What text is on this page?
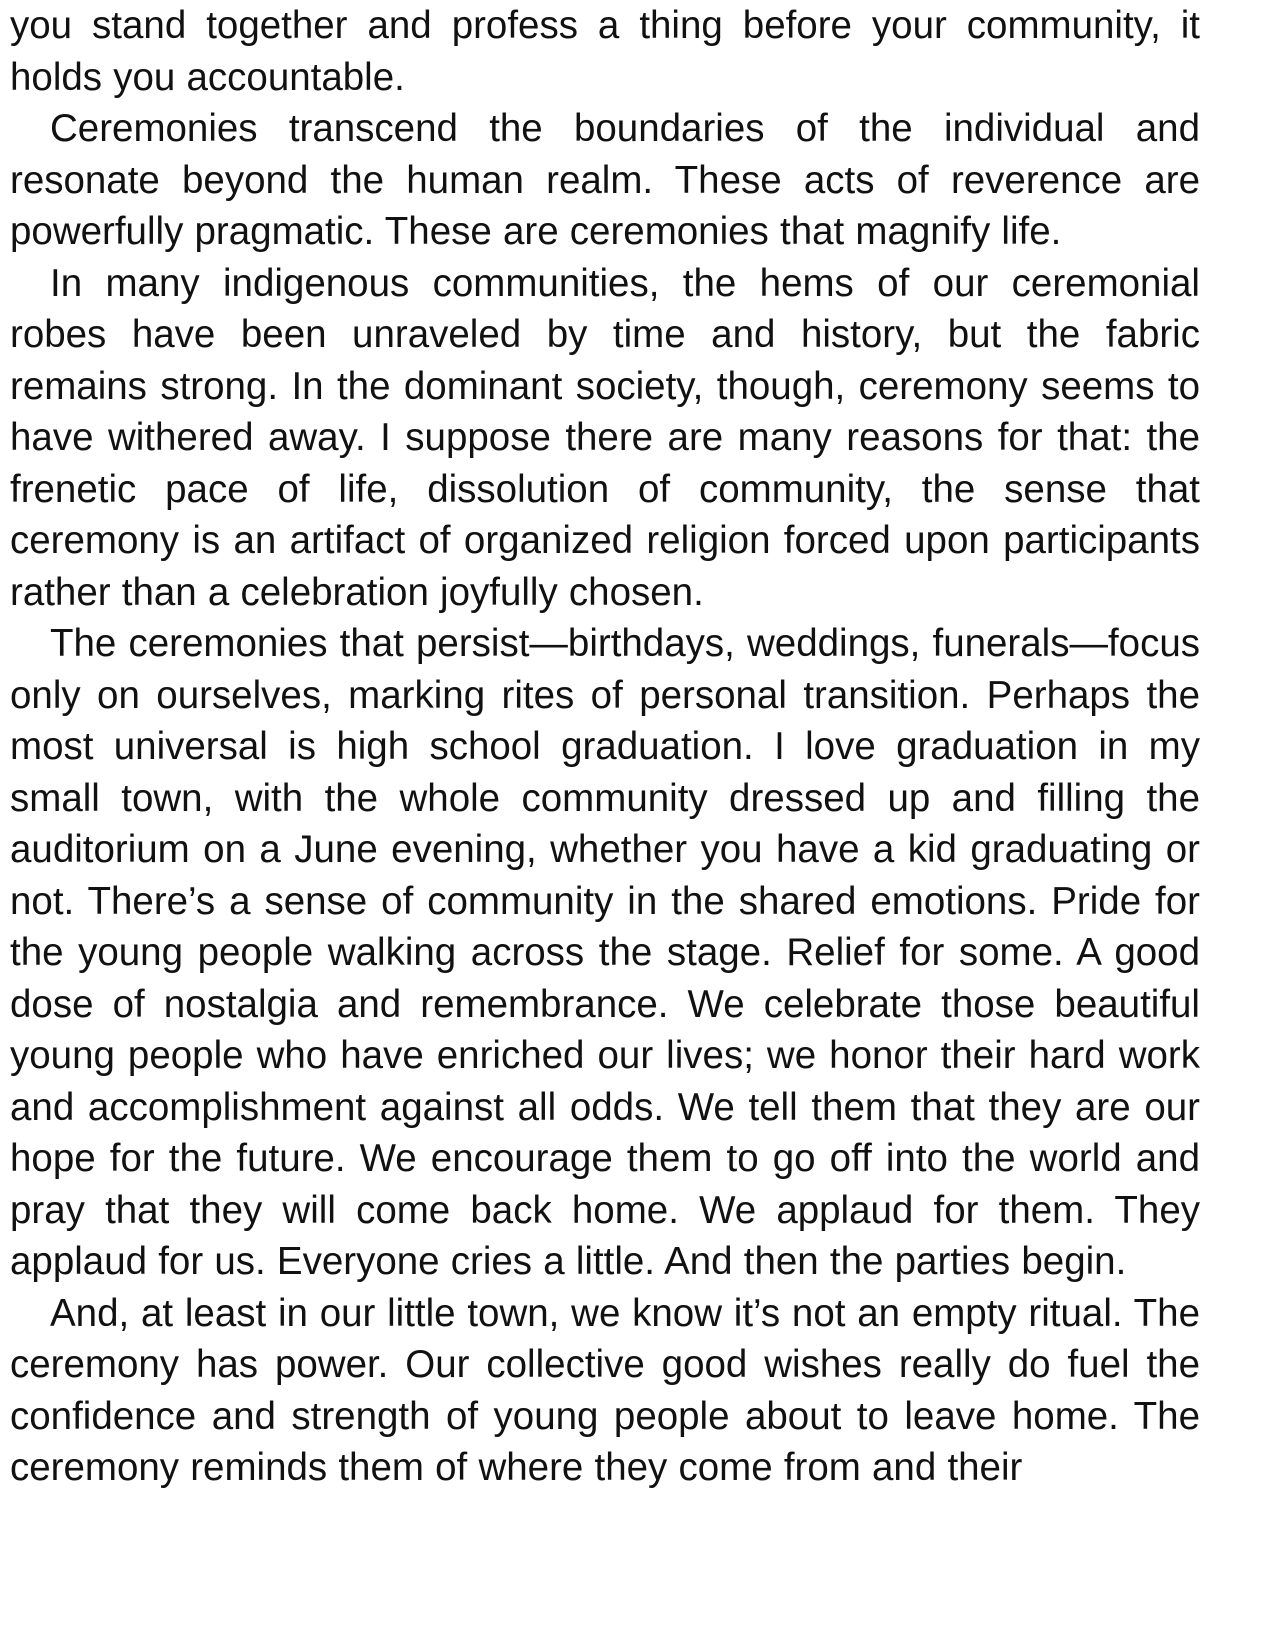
you stand together and profess a thing before your community, it holds you accountable.

Ceremonies transcend the boundaries of the individual and resonate beyond the human realm. These acts of reverence are powerfully pragmatic. These are ceremonies that magnify life.

In many indigenous communities, the hems of our ceremonial robes have been unraveled by time and history, but the fabric remains strong. In the dominant society, though, ceremony seems to have withered away. I suppose there are many reasons for that: the frenetic pace of life, dissolution of community, the sense that ceremony is an artifact of organized religion forced upon participants rather than a celebration joyfully chosen.

The ceremonies that persist—birthdays, weddings, funerals—focus only on ourselves, marking rites of personal transition. Perhaps the most universal is high school graduation. I love graduation in my small town, with the whole community dressed up and filling the auditorium on a June evening, whether you have a kid graduating or not. There’s a sense of community in the shared emotions. Pride for the young people walking across the stage. Relief for some. A good dose of nostalgia and remembrance. We celebrate those beautiful young people who have enriched our lives; we honor their hard work and accomplishment against all odds. We tell them that they are our hope for the future. We encourage them to go off into the world and pray that they will come back home. We applaud for them. They applaud for us. Everyone cries a little. And then the parties begin.

And, at least in our little town, we know it’s not an empty ritual. The ceremony has power. Our collective good wishes really do fuel the confidence and strength of young people about to leave home. The ceremony reminds them of where they come from and their
